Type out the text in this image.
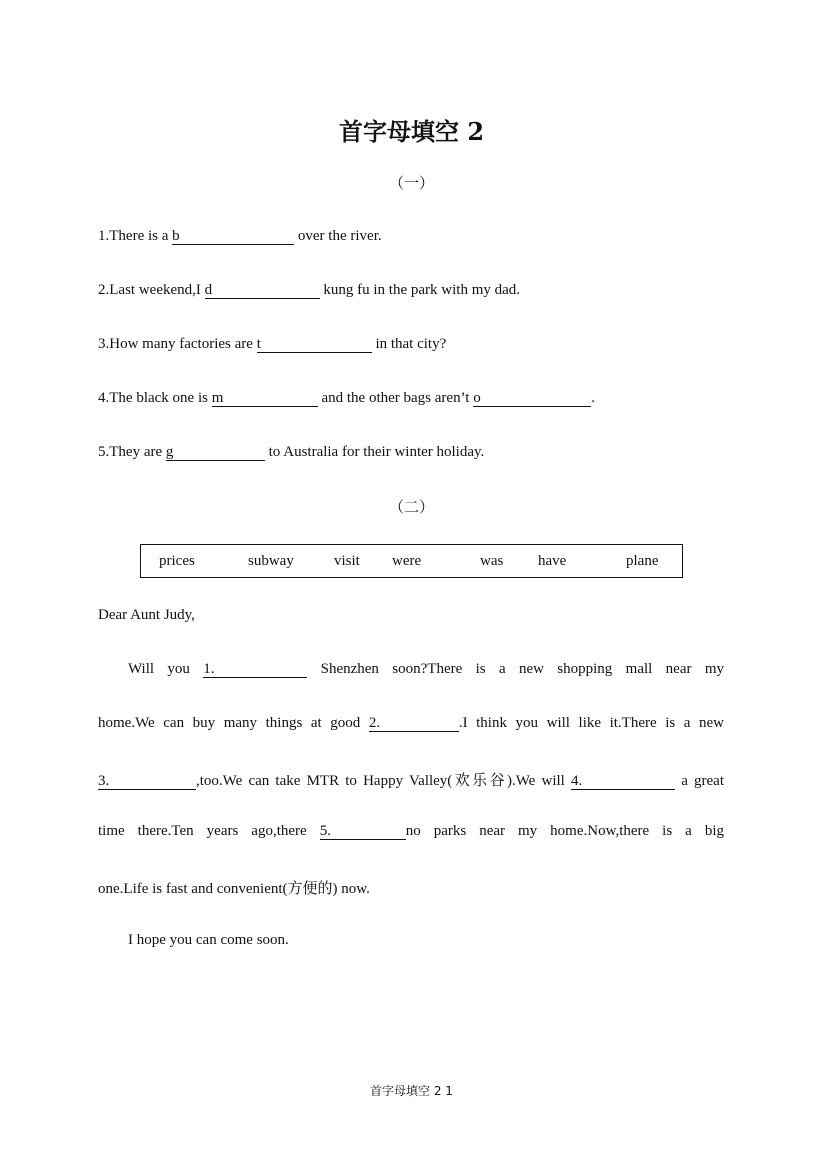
首字母填空 2
（一）
1.There is a b	over the river.
2.Last weekend,I d	kung fu in the park with my dad.
3.How many factories are t	in that city?
4.The black one is m	and the other bags aren’t o	.
5.They are g	to Australia for their winter holiday.
（二）
prices	subway	visit were	was have	plane
Dear Aunt Judy,
Will you 1.	Shenzhen soon?There is a new shopping mall near my
home.We can buy many things at good 2.	.I think you will like it.There is a new
3.	,too.We can take MTR to Happy Valley(欢乐谷).We will 4.	a great
time there.Ten years ago,there 5.	no parks near my home.Now,there is a big
one.Life is fast and convenient(方便的) now.
I hope you can come soon.
首字母填空 2 1
